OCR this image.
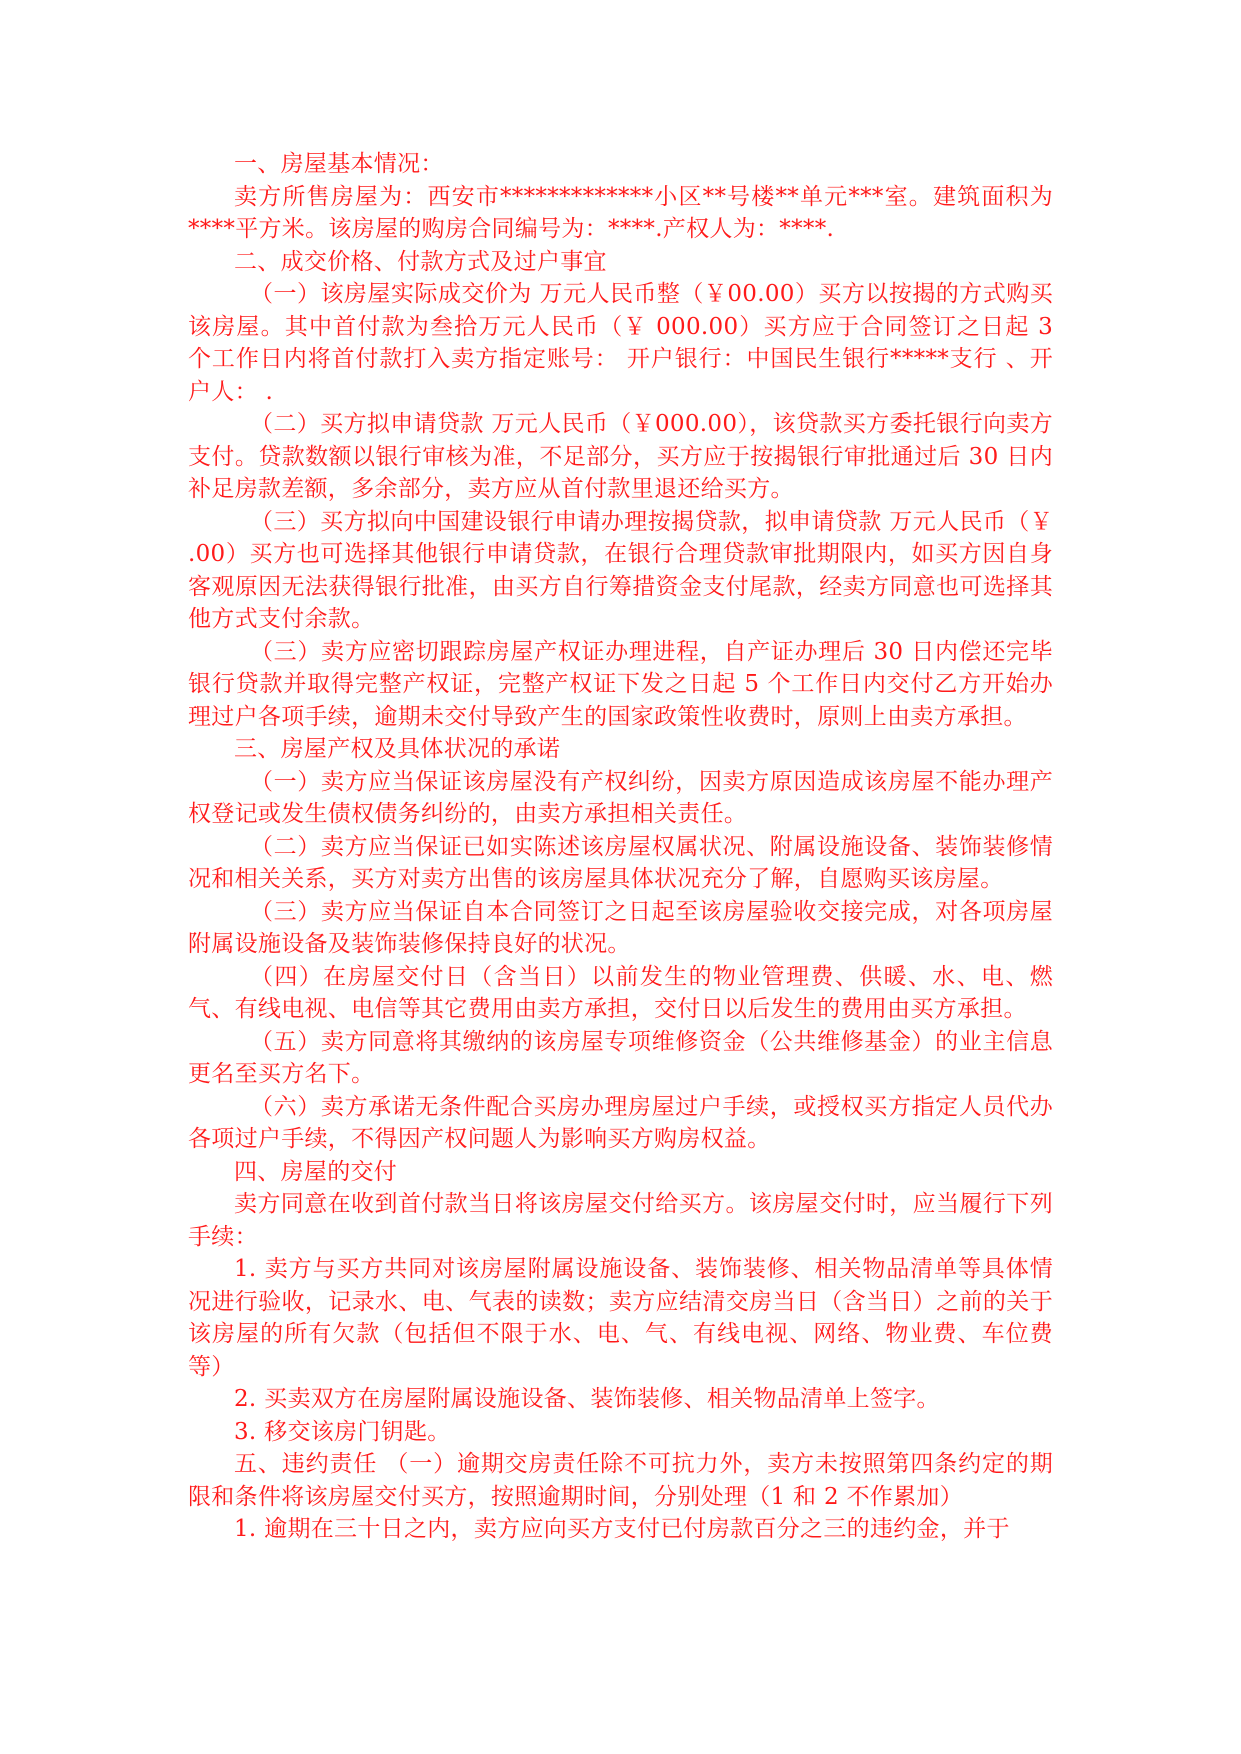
一、房屋基本情况：

卖方所售房屋为：西安市*************小区**号楼**单元***室。建筑面积为****平方米。该房屋的购房合同编号为：****.产权人为：****.

二、成交价格、付款方式及过户事宜

（一）该房屋实际成交价为 万元人民币整（￥00.00）买方以按揭的方式购买该房屋。其中首付款为叁拾万元人民币（￥ 000.00）买方应于合同签订之日起 3 个工作日内将首付款打入卖方指定账号： 开户银行：中国民生银行*****支行 、开户人： .

（二）买方拟申请贷款 万元人民币（￥000.00），该贷款买方委托银行向卖方支付。贷款数额以银行审核为准，不足部分，买方应于按揭银行审批通过后 30 日内补足房款差额，多余部分，卖方应从首付款里退还给买方。

（三）买方拟向中国建设银行申请办理按揭贷款，拟申请贷款 万元人民币（￥ .00）买方也可选择其他银行申请贷款，在银行合理贷款审批期限内，如买方因自身客观原因无法获得银行批准，由买方自行筹措资金支付尾款，经卖方同意也可选择其他方式支付余款。

（三）卖方应密切跟踪房屋产权证办理进程，自产证办理后 30 日内偿还完毕银行贷款并取得完整产权证，完整产权证下发之日起 5 个工作日内交付乙方开始办理过户各项手续，逾期未交付导致产生的国家政策性收费时，原则上由卖方承担。

三、房屋产权及具体状况的承诺

（一）卖方应当保证该房屋没有产权纠纷，因卖方原因造成该房屋不能办理产权登记或发生债权债务纠纷的，由卖方承担相关责任。

（二）卖方应当保证已如实陈述该房屋权属状况、附属设施设备、装饰装修情况和相关关系，买方对卖方出售的该房屋具体状况充分了解，自愿购买该房屋。

（三）卖方应当保证自本合同签订之日起至该房屋验收交接完成，对各项房屋附属设施设备及装饰装修保持良好的状况。

（四）在房屋交付日（含当日）以前发生的物业管理费、供暖、水、电、燃气、有线电视、电信等其它费用由卖方承担，交付日以后发生的费用由买方承担。

（五）卖方同意将其缴纳的该房屋专项维修资金（公共维修基金）的业主信息更名至买方名下。

（六）卖方承诺无条件配合买房办理房屋过户手续，或授权买方指定人员代办各项过户手续，不得因产权问题人为影响买方购房权益。

四、房屋的交付

卖方同意在收到首付款当日将该房屋交付给买方。该房屋交付时，应当履行下列手续：

1. 卖方与买方共同对该房屋附属设施设备、装饰装修、相关物品清单等具体情况进行验收，记录水、电、气表的读数；卖方应结清交房当日（含当日）之前的关于该房屋的所有欠款（包括但不限于水、电、气、有线电视、网络、物业费、车位费等）

2. 买卖双方在房屋附属设施设备、装饰装修、相关物品清单上签字。

3. 移交该房门钥匙。

五、违约责任 （一）逾期交房责任除不可抗力外，卖方未按照第四条约定的期限和条件将该房屋交付买方，按照逾期时间，分别处理（1 和 2 不作累加）

1. 逾期在三十日之内，卖方应向买方支付已付房款百分之三的违约金，并于
